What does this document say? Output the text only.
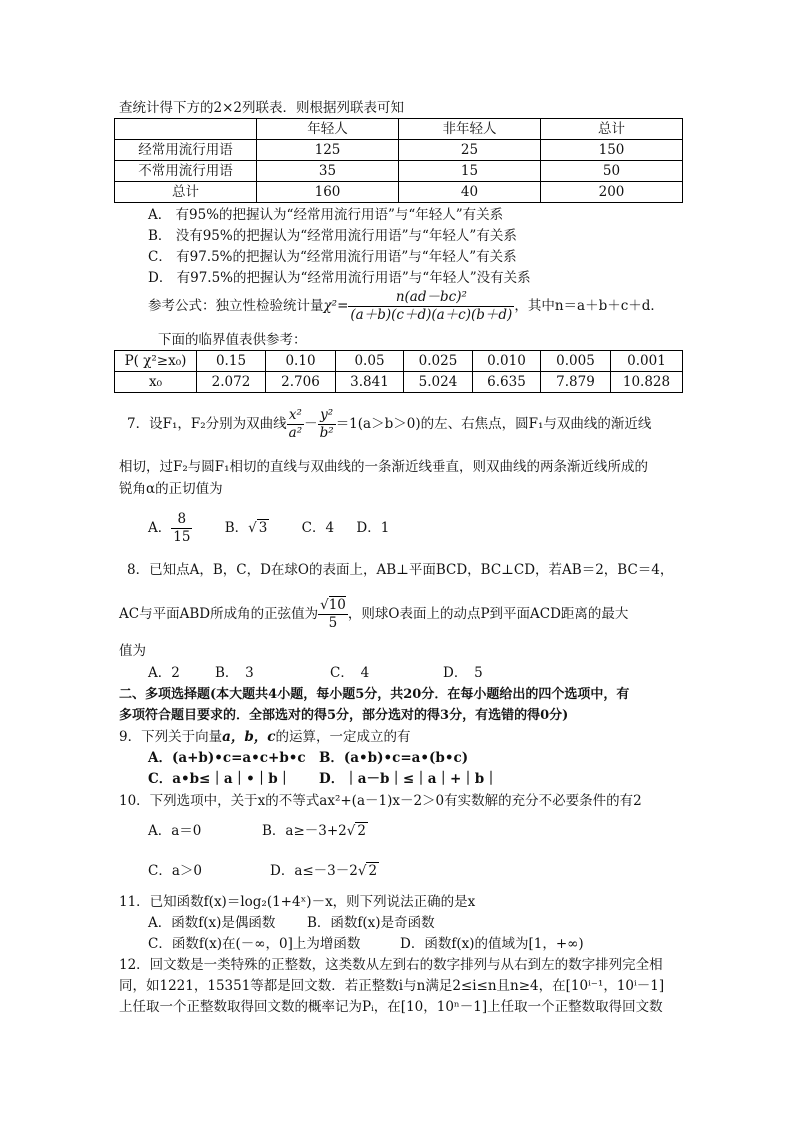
查统计得下方的2×2列联表．则根据列联表可知
	年轻人	非年轻人	总计
经常用流行用语	125	25	150
不常用流行用语	35	15	50
总计	160	40	200
A． 有95%的把握认为“经常用流行用语”与“年轻人”有关系
B． 没有95%的把握认为“经常用流行用语”与“年轻人”有关系
C． 有97.5%的把握认为“经常用流行用语”与“年轻人”有关系
D． 有97.5%的把握认为“经常用流行用语”与“年轻人”没有关系
参考公式：独立性检验统计量$\chi^2= \frac{\text{n(ad－bc)²}}{(a+b)(c+d)(a+c)(b+d)}$ ，其中n＝a＋b＋c＋d．
下面的临界值表供参考：
P( χ²≥x₀)	0.15	0.10	0.05	0.025	0.010	0.005	0.001
x₀	2.072	2.706	3.841	5.024	6.635	7.879	10.828
7．设F₁，F₂分别为双曲线 $\frac{\text{x²}}{\text{a²}} - \frac{\text{y²}}{\text{b²}} =1(a>b>0)$的左、右焦点，圆F₁与双曲线的渐近线
相切，过F₂与圆F₁相切的直线与双曲线的一条渐近线垂直，则双曲线的两条渐近线所成的
锐角α的正切值为
A． $\frac{8}{15}$ B．√ 3	C．4 D．1
8．已知点A，B，C，D在球O的表面上，AB⊥平面BCD，BC⊥CD，若AB＝2，BC＝4，
AC与平面ABD所成角的正弦值为 $\frac{√10}{5}$ ，则球O表面上的动点P到平面ACD距离的最大
值为
A．2	B．　3	C．　4	D．　5
二、多项选择题(本大题共4小题，每小题5分，共20分．在每小题给出的四个选项中，有
多项符合题目要求的．全部选对的得5分，部分选对的得3分，有选错的得0分)
9．下列关于向量a，b，c的运算，一定成立的有
A．(a+b)•c=a•c+b•c B．(a•b)•c=a•(b•c)
C．a•b≤｜a｜•｜b｜ D．｜a－b｜≤｜a｜+｜b｜
10．下列选项中，关于x的不等式ax²+(a－1)x－2＞0有实数解的充分不必要条件的有2
A．a＝0	B．a≥－3+2√ 2
C．a＞0	D．a≤－3－2√ 2
11．已知函数f(x)＝log₂(1+4ˣ)－x，则下列说法正确的是x
A．函数f(x)是偶函数 B．函数f(x)是奇函数
C．函数f(x)在(－∞，0]上为增函数	D．函数f(x)的值域为[1，+∞)
12．回文数是一类特殊的正整数，这类数从左到右的数字排列与从右到左的数字排列完全相
同，如1221，15351等都是回文数．若正整数i与n满足2≤i≤n且n≥4，在[10ⁱ⁻¹，10ⁱ－1]
上任取一个正整数取得回文数的概率记为Pᵢ，在[10，10ⁿ－1]上任取一个正整数取得回文数
